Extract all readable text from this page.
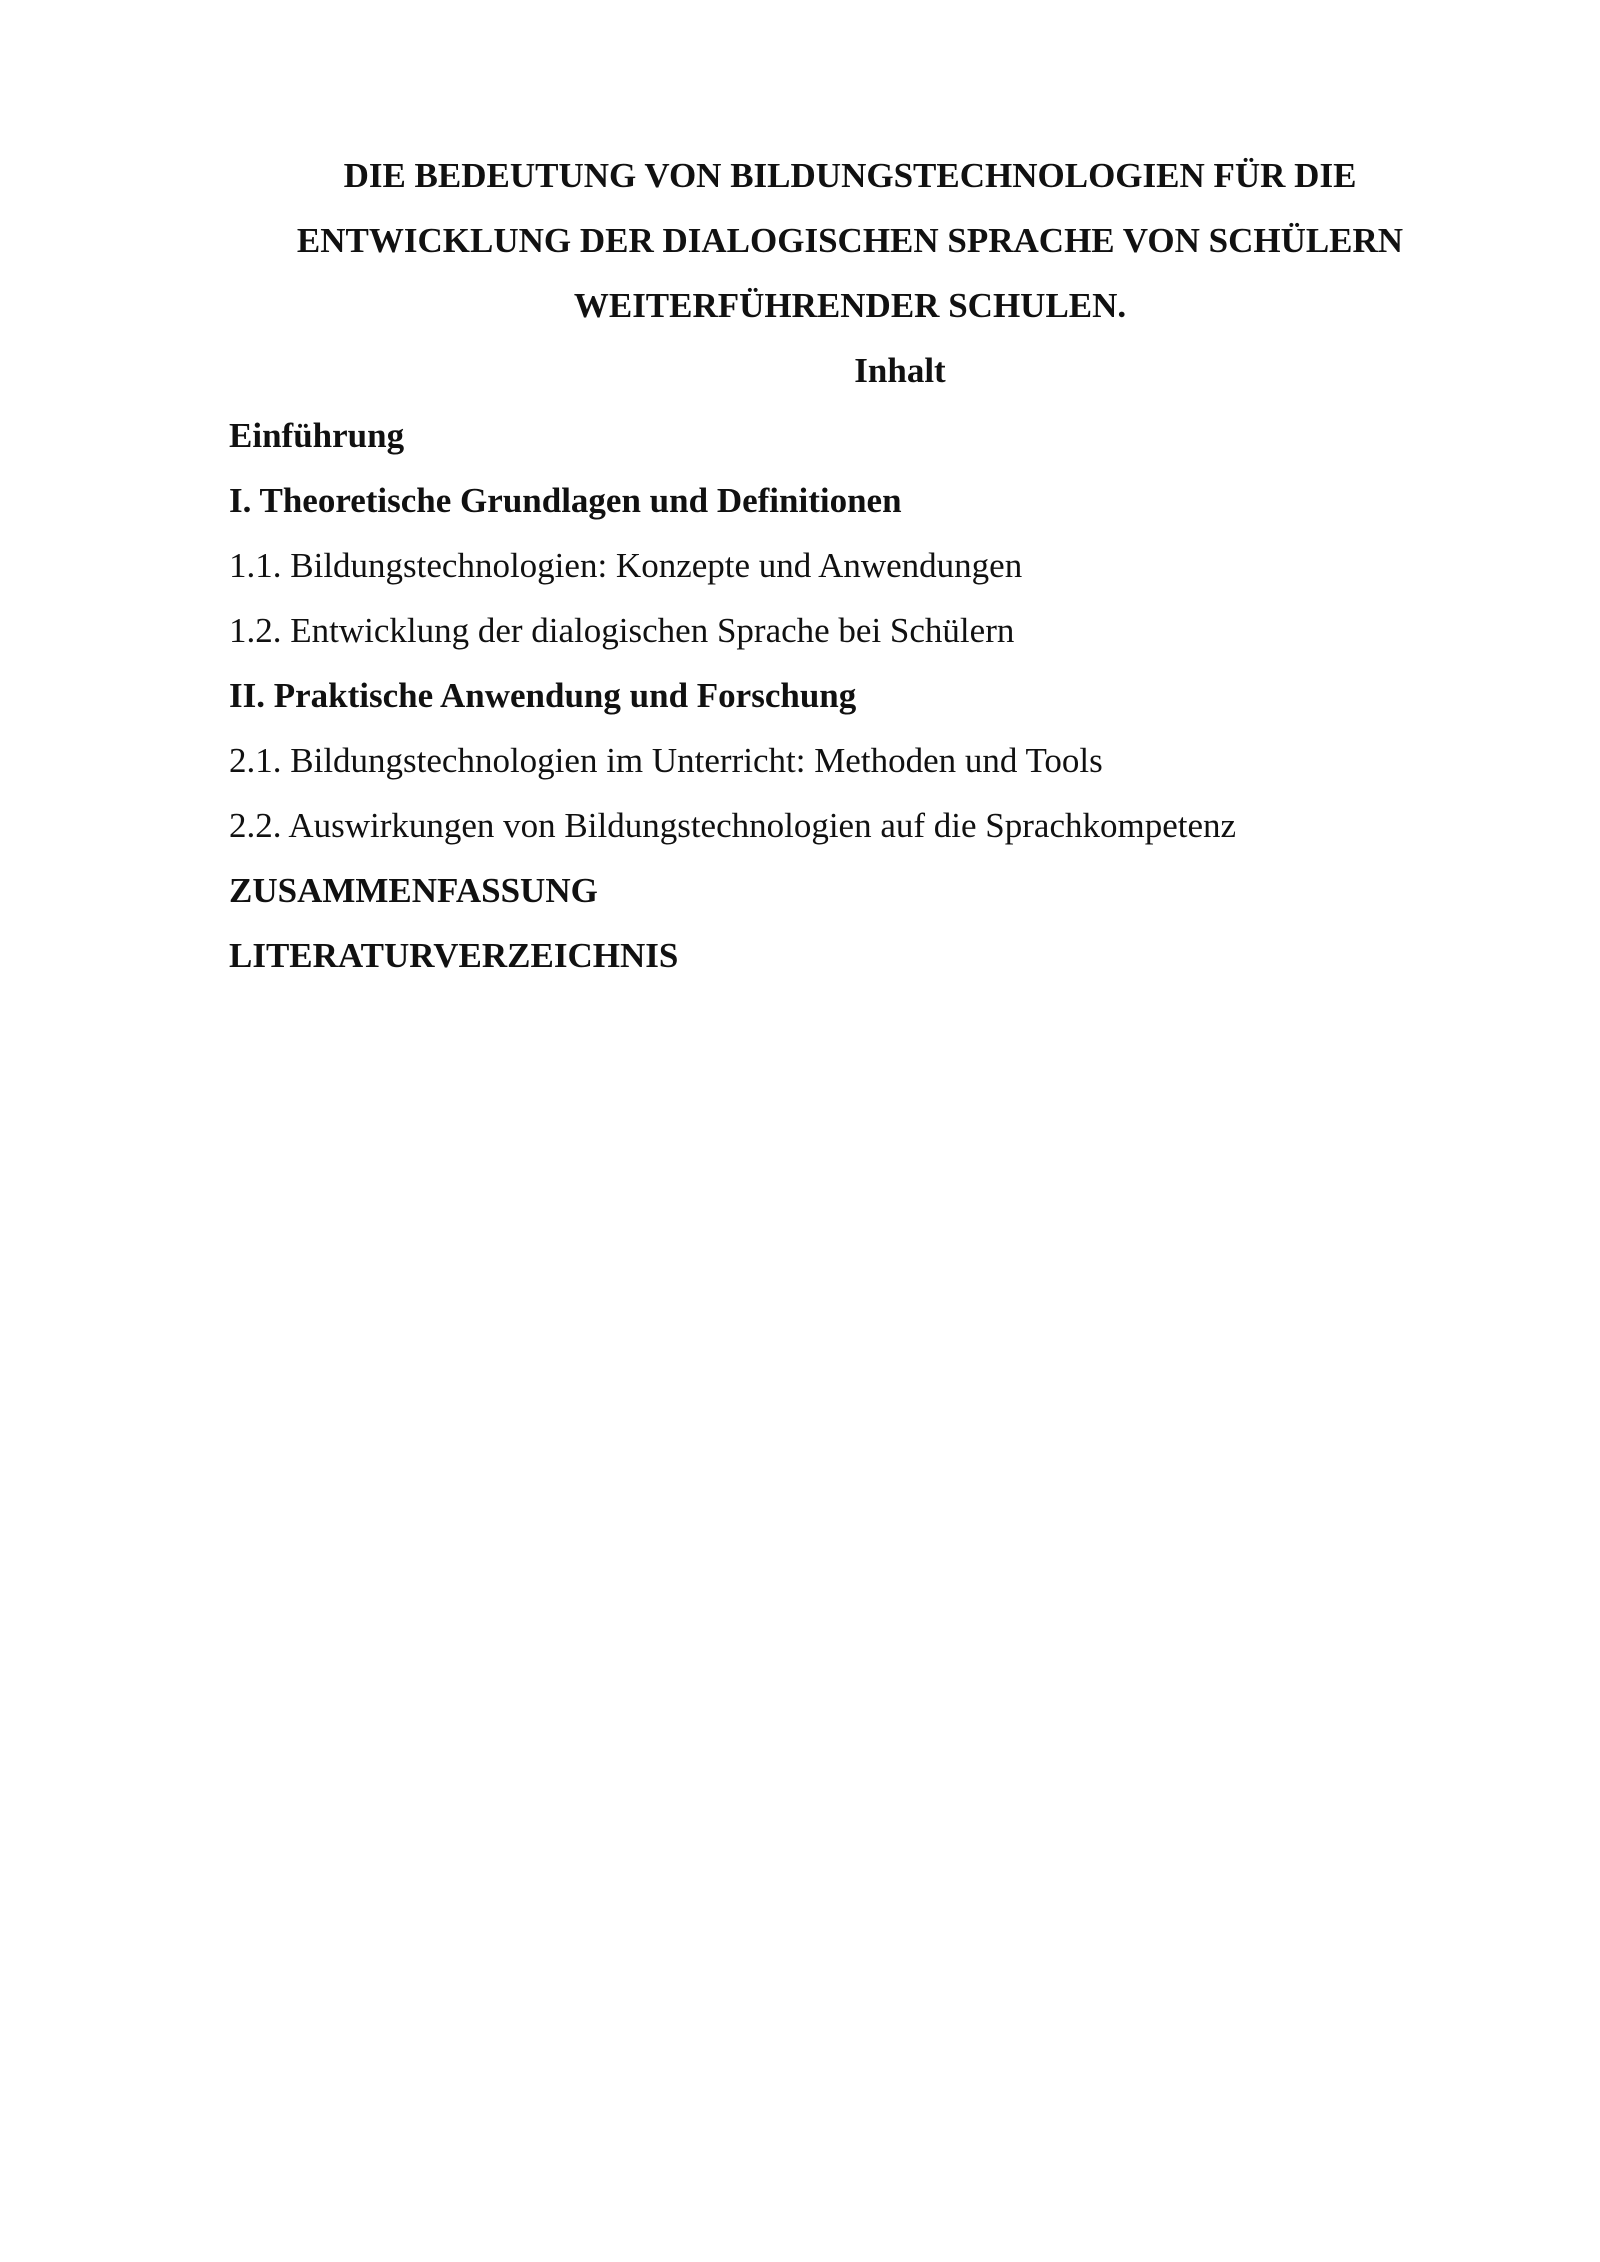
DIE BEDEUTUNG VON BILDUNGSTECHNOLOGIEN FÜR DIE
ENTWICKLUNG DER DIALOGISCHEN SPRACHE VON SCHÜLERN
WEITERFÜHRENDER SCHULEN.
Inhalt
Einführung
I. Theoretische Grundlagen und Definitionen
1.1. Bildungstechnologien: Konzepte und Anwendungen
1.2. Entwicklung der dialogischen Sprache bei Schülern
II. Praktische Anwendung und Forschung
2.1. Bildungstechnologien im Unterricht: Methoden und Tools
2.2. Auswirkungen von Bildungstechnologien auf die Sprachkompetenz
ZUSAMMENFASSUNG
LITERATURVERZEICHNIS
